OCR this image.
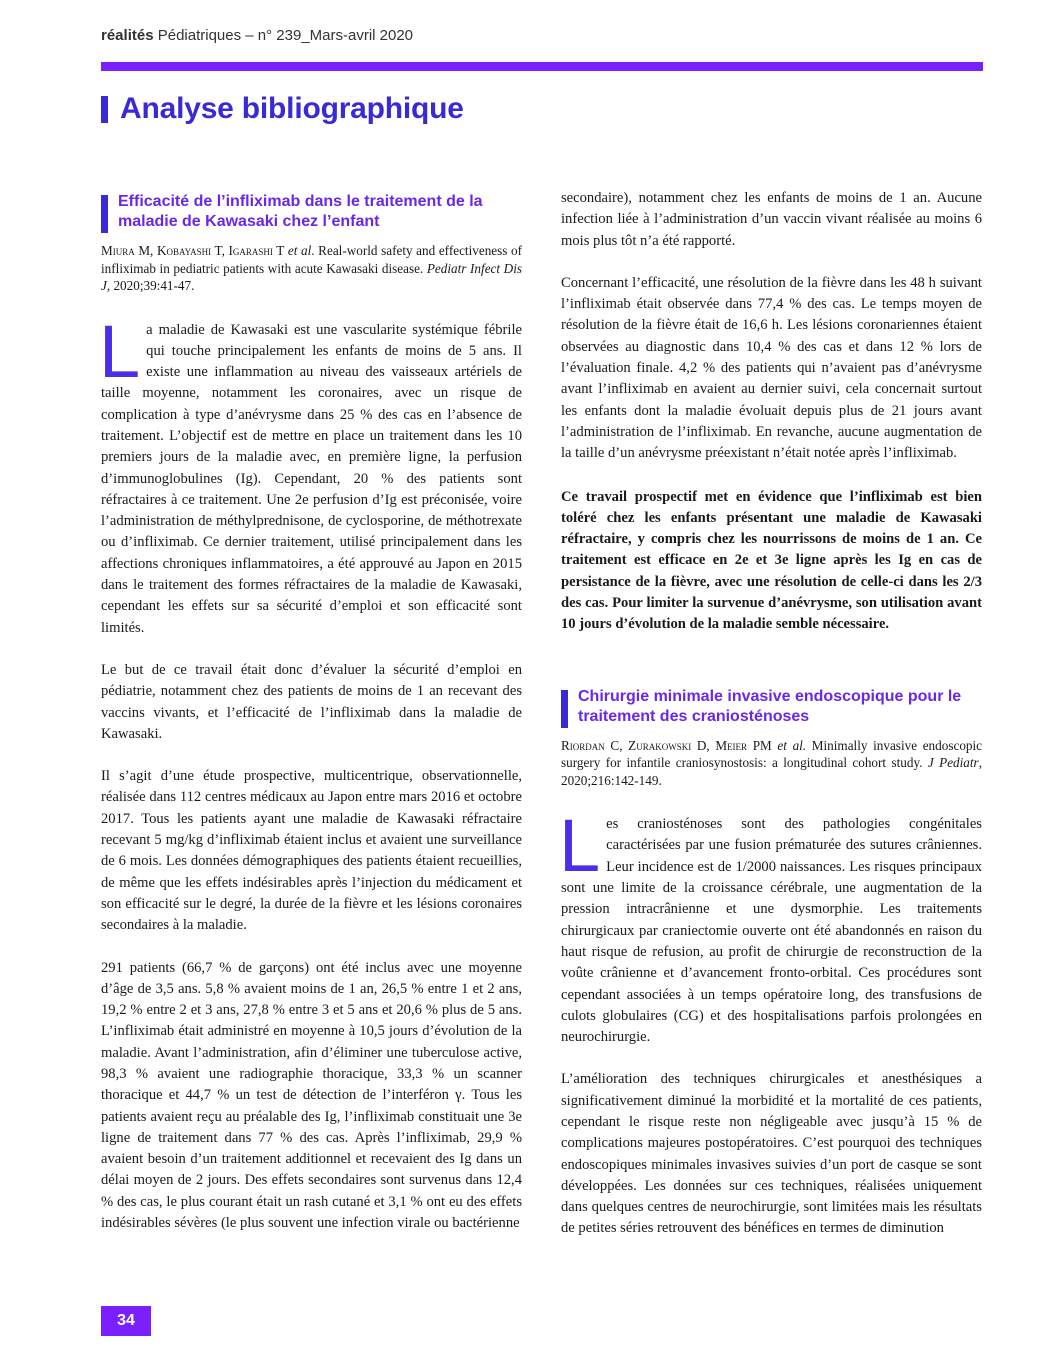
réalités Pédiatriques – n° 239_Mars-avril 2020
Analyse bibliographique
Efficacité de l’infliximab dans le traitement de la maladie de Kawasaki chez l’enfant
Miura M, Kobayashi T, Igarashi T et al. Real-world safety and effectiveness of infliximab in pediatric patients with acute Kawasaki disease. Pediatr Infect Dis J, 2020;39:41-47.

La maladie de Kawasaki est une vascularite systémique fébrile qui touche principalement les enfants de moins de 5 ans. Il existe une inflammation au niveau des vaisseaux artériels de taille moyenne, notamment les coronaires, avec un risque de complication à type d’anévrysme dans 25 % des cas en l’absence de traitement. L’objectif est de mettre en place un traitement dans les 10 premiers jours de la maladie avec, en première ligne, la perfusion d’immunoglobulines (Ig). Cependant, 20 % des patients sont réfractaires à ce traitement. Une 2e perfusion d’Ig est préconisée, voire l’administration de méthylprednisone, de cyclosporine, de méthotrexate ou d’infliximab. Ce dernier traitement, utilisé principalement dans les affections chroniques inflammatoires, a été approuvé au Japon en 2015 dans le traitement des formes réfractaires de la maladie de Kawasaki, cependant les effets sur sa sécurité d’emploi et son efficacité sont limités.

Le but de ce travail était donc d’évaluer la sécurité d’emploi en pédiatrie, notamment chez des patients de moins de 1 an recevant des vaccins vivants, et l’efficacité de l’infliximab dans la maladie de Kawasaki.

Il s’agit d’une étude prospective, multicentrique, observationnelle, réalisée dans 112 centres médicaux au Japon entre mars 2016 et octobre 2017. Tous les patients ayant une maladie de Kawasaki réfractaire recevant 5 mg/kg d’infliximab étaient inclus et avaient une surveillance de 6 mois. Les données démographiques des patients étaient recueillies, de même que les effets indésirables après l’injection du médicament et son efficacité sur le degré, la durée de la fièvre et les lésions coronaires secondaires à la maladie.

291 patients (66,7 % de garçons) ont été inclus avec une moyenne d’âge de 3,5 ans. 5,8 % avaient moins de 1 an, 26,5 % entre 1 et 2 ans, 19,2 % entre 2 et 3 ans, 27,8 % entre 3 et 5 ans et 20,6 % plus de 5 ans. L’infliximab était administré en moyenne à 10,5 jours d’évolution de la maladie. Avant l’administration, afin d’éliminer une tuberculose active, 98,3 % avaient une radiographie thoracique, 33,3 % un scanner thoracique et 44,7 % un test de détection de l’interféron γ. Tous les patients avaient reçu au préalable des Ig, l’infliximab constituait une 3e ligne de traitement dans 77 % des cas. Après l’infliximab, 29,9 % avaient besoin d’un traitement additionnel et recevaient des Ig dans un délai moyen de 2 jours. Des effets secondaires sont survenus dans 12,4 % des cas, le plus courant était un rash cutané et 3,1 % ont eu des effets indésirables sévères (le plus souvent une infection virale ou bactérienne

secondaire), notamment chez les enfants de moins de 1 an. Aucune infection liée à l’administration d’un vaccin vivant réalisée au moins 6 mois plus tôt n’a été rapporté.

Concernant l’efficacité, une résolution de la fièvre dans les 48 h suivant l’infliximab était observée dans 77,4 % des cas. Le temps moyen de résolution de la fièvre était de 16,6 h. Les lésions coronariennes étaient observées au diagnostic dans 10,4 % des cas et dans 12 % lors de l’évaluation finale. 4,2 % des patients qui n’avaient pas d’anévrysme avant l’infliximab en avaient au dernier suivi, cela concernait surtout les enfants dont la maladie évoluait depuis plus de 21 jours avant l’administration de l’infliximab. En revanche, aucune augmentation de la taille d’un anévrysme préexistant n’était notée après l’infliximab.

Ce travail prospectif met en évidence que l’infliximab est bien toléré chez les enfants présentant une maladie de Kawasaki réfractaire, y compris chez les nourrissons de moins de 1 an. Ce traitement est efficace en 2e et 3e ligne après les Ig en cas de persistance de la fièvre, avec une résolution de celle-ci dans les 2/3 des cas. Pour limiter la survenue d’anévrysme, son utilisation avant 10 jours d’évolution de la maladie semble nécessaire.

Chirurgie minimale invasive endoscopique pour le traitement des craniosténoses
Riordan C, Zurakowski D, Meier PM et al. Minimally invasive endoscopic surgery for infantile craniosynostosis: a longitudinal cohort study. J Pediatr, 2020;216:142-149.

Les craniosténoses sont des pathologies congénitales caractérisées par une fusion prématurée des sutures crâniennes. Leur incidence est de 1/2000 naissances. Les risques principaux sont une limite de la croissance cérébrale, une augmentation de la pression intracrânienne et une dysmorphie. Les traitements chirurgicaux par craniectomie ouverte ont été abandonnés en raison du haut risque de refusion, au profit de chirurgie de reconstruction de la voûte crânienne et d’avancement fronto-orbital. Ces procédures sont cependant associées à un temps opératoire long, des transfusions de culots globulaires (CG) et des hospitalisations parfois prolongées en neurochirurgie.

L’amélioration des techniques chirurgicales et anesthésiques a significativement diminué la morbidité et la mortalité de ces patients, cependant le risque reste non négligeable avec jusqu’à 15 % de complications majeures postopératoires. C’est pourquoi des techniques endoscopiques minimales invasives suivies d’un port de casque se sont développées. Les données sur ces techniques, réalisées uniquement dans quelques centres de neurochirurgie, sont limitées mais les résultats de petites séries retrouvent des bénéfices en termes de diminution

34
